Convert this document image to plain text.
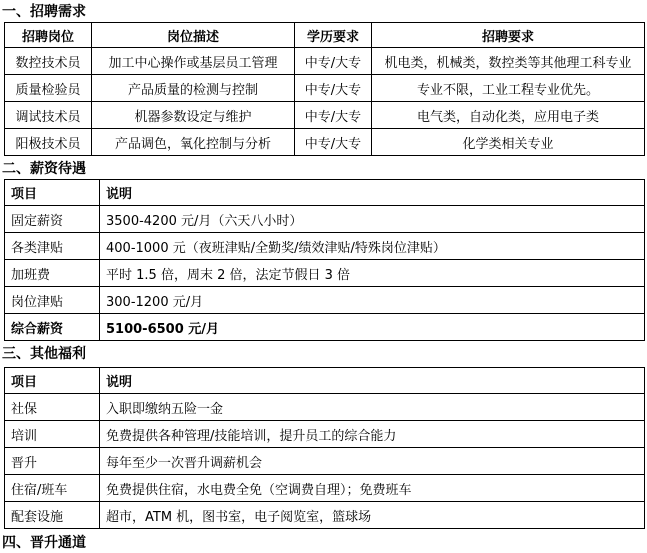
一、招聘需求
招聘岗位	岗位描述	学历要求	招聘要求
数控技术员	加工中心操作或基层员工管理	中专/大专	机电类，机械类，数控类等其他理工科专业
质量检验员	产品质量的检测与控制	中专/大专	专业不限，工业工程专业优先。
调试技术员	机器参数设定与维护	中专/大专	电气类，自动化类，应用电子类
阳极技术员	产品调色，氧化控制与分析	中专/大专	化学类相关专业
二、薪资待遇
项目	说明
固定薪资	3500-4200 元/月（六天八小时）
各类津贴	400-1000 元（夜班津贴/全勤奖/绩效津贴/特殊岗位津贴）
加班费	平时 1.5 倍，周末 2 倍，法定节假日 3 倍
岗位津贴	300-1200 元/月
综合薪资	5100-6500 元/月
三、其他福利
项目	说明
社保	入职即缴纳五险一金
培训	免费提供各种管理/技能培训，提升员工的综合能力
晋升	每年至少一次晋升调薪机会
住宿/班车	免费提供住宿，水电费全免（空调费自理）；免费班车
配套设施	超市，ATM 机，图书室，电子阅览室，篮球场
四、晋升通道
